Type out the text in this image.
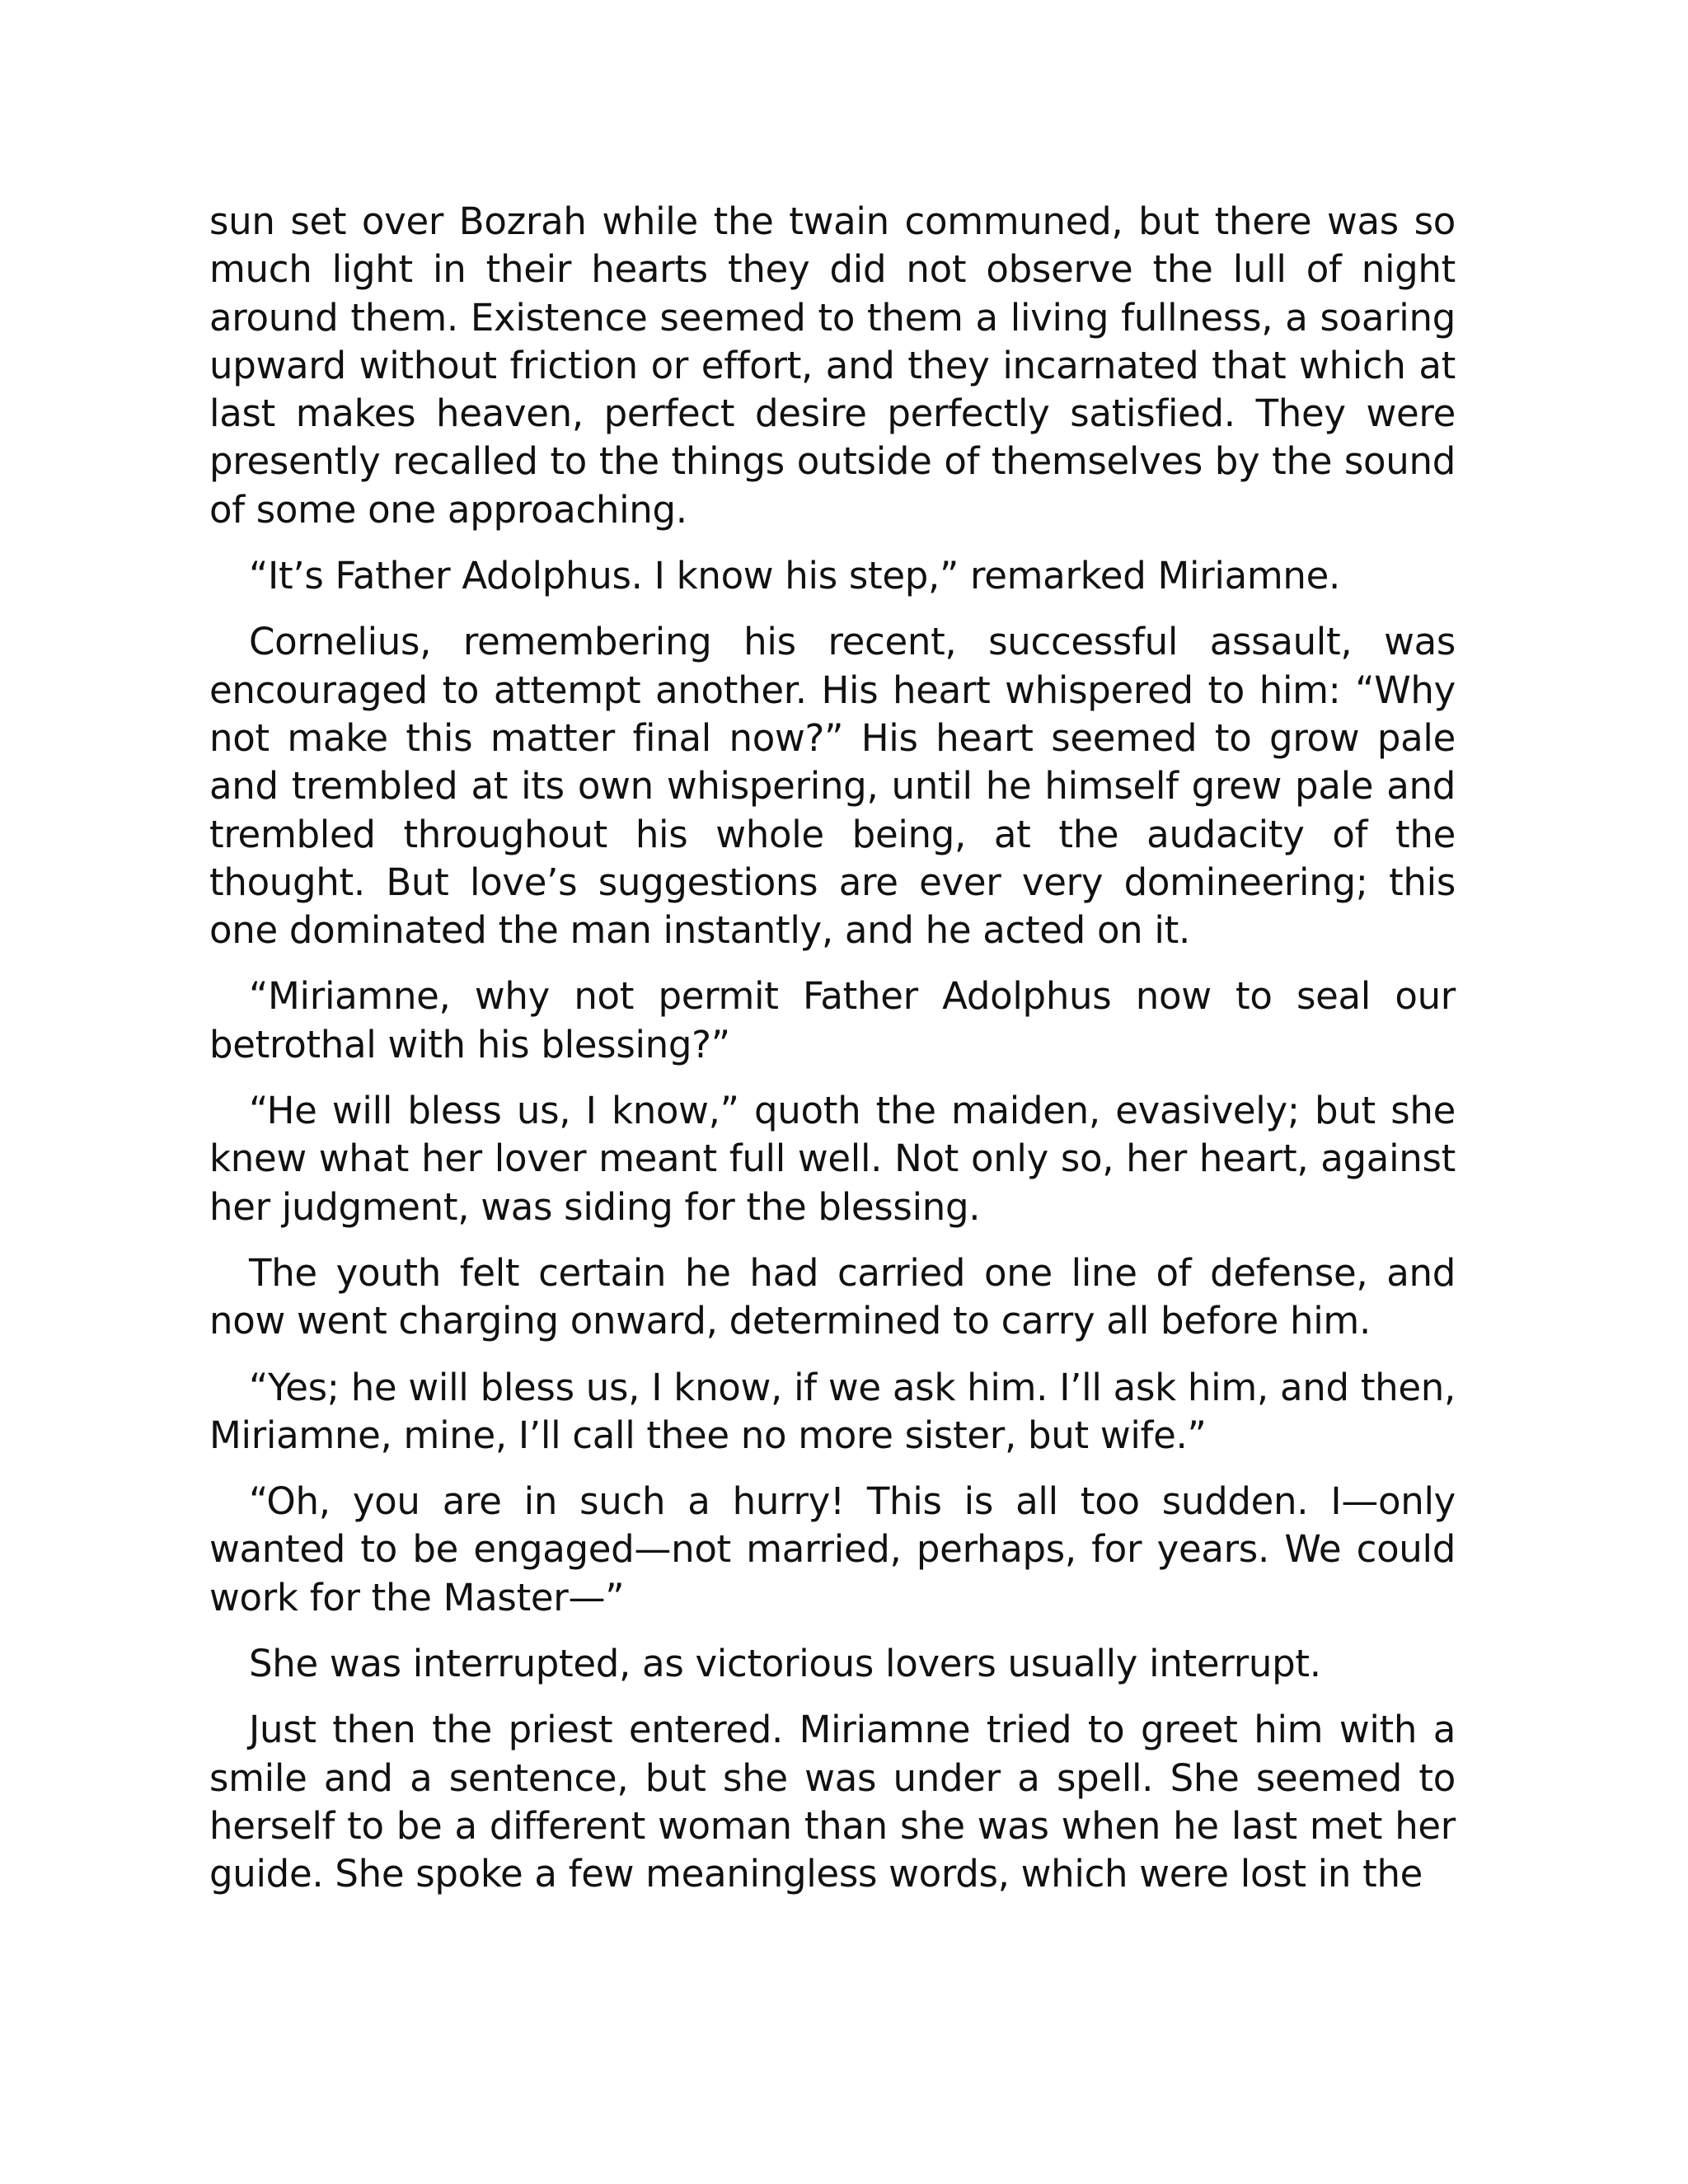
sun set over Bozrah while the twain communed, but there was so much light in their hearts they did not observe the lull of night around them. Existence seemed to them a living fullness, a soaring upward without friction or effort, and they incarnated that which at last makes heaven, perfect desire perfectly satisfied. They were presently recalled to the things outside of themselves by the sound of some one approaching.

“It’s Father Adolphus. I know his step,” remarked Miriamne.

Cornelius, remembering his recent, successful assault, was encouraged to attempt another. His heart whispered to him: “Why not make this matter final now?” His heart seemed to grow pale and trembled at its own whispering, until he himself grew pale and trembled throughout his whole being, at the audacity of the thought. But love’s suggestions are ever very domineering; this one dominated the man instantly, and he acted on it.

“Miriamne, why not permit Father Adolphus now to seal our betrothal with his blessing?”

“He will bless us, I know,” quoth the maiden, evasively; but she knew what her lover meant full well. Not only so, her heart, against her judgment, was siding for the blessing.

The youth felt certain he had carried one line of defense, and now went charging onward, determined to carry all before him.

“Yes; he will bless us, I know, if we ask him. I’ll ask him, and then, Miriamne, mine, I’ll call thee no more sister, but wife.”

“Oh, you are in such a hurry! This is all too sudden. I—only wanted to be engaged—not married, perhaps, for years. We could work for the Master—”

She was interrupted, as victorious lovers usually interrupt.

Just then the priest entered. Miriamne tried to greet him with a smile and a sentence, but she was under a spell. She seemed to herself to be a different woman than she was when he last met her guide. She spoke a few meaningless words, which were lost in the
